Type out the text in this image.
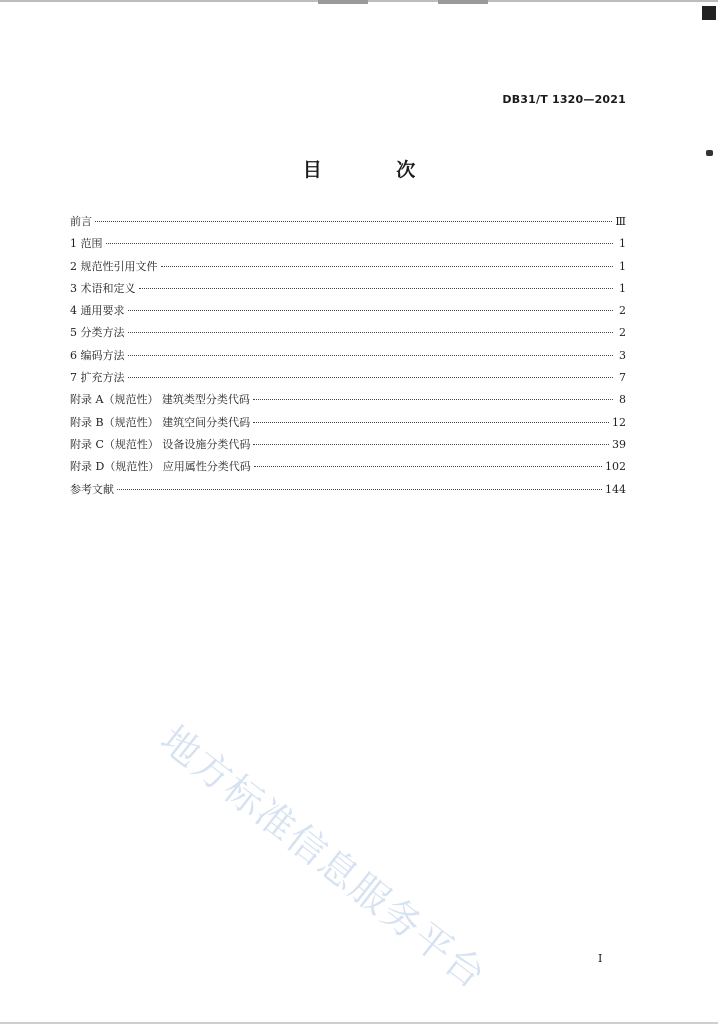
DB31/T 1320—2021
目 次
前言	Ⅲ
1 范围	1
2 规范性引用文件	1
3 术语和定义	1
4 通用要求	2
5 分类方法	2
6 编码方法	3
7 扩充方法	7
附录 A（规范性） 建筑类型分类代码	8
附录 B（规范性） 建筑空间分类代码	12
附录 C（规范性） 设备设施分类代码	39
附录 D（规范性） 应用属性分类代码	102
参考文献	144
地方标准信息服务平台	I
